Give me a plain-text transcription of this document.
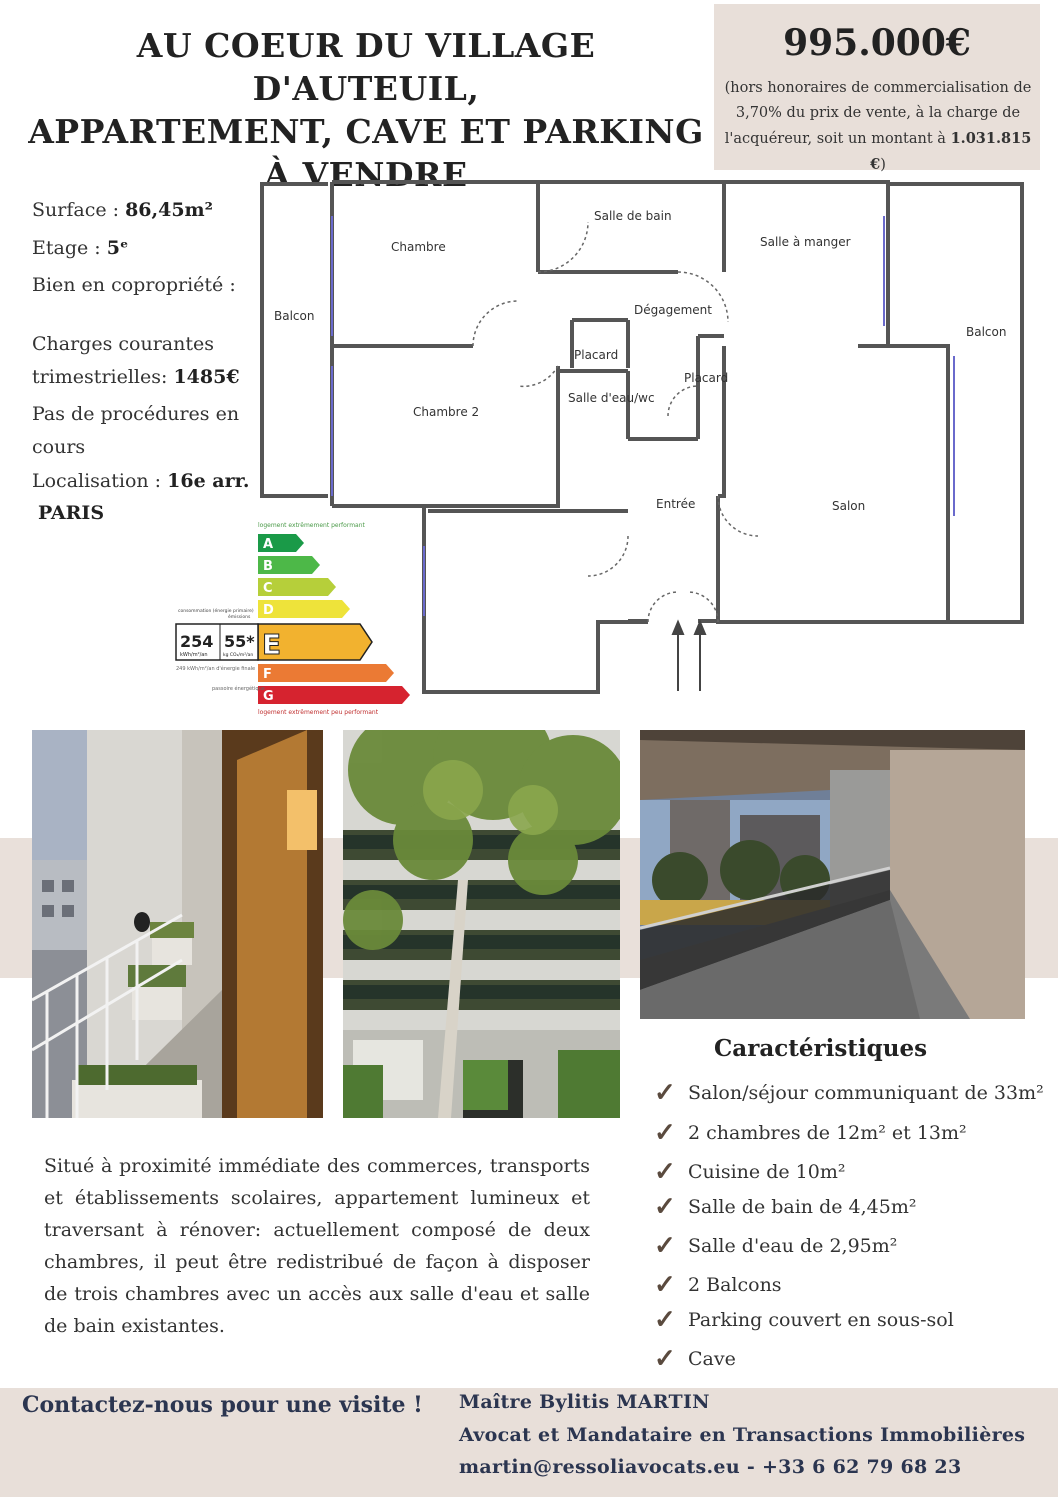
AU COEUR DU VILLAGE D'AUTEUIL,
APPARTEMENT, CAVE ET PARKING
À VENDRE
995.000€
(hors honoraires de commercialisation de 3,70% du prix de vente, à la charge de l'acquéreur, soit un montant à 1.031.815 €)
Surface : 86,45m²
Etage : 5ᵉ
Bien en copropriété :
Charges courantes
trimestrielles: 1485€
Pas de procédures en
cours
Localisation : 16e arr.
PARIS
Chambre
Salle de bain
Salle à manger
Balcon
Balcon
Dégagement
Placard
Placard
Chambre 2
Salle d'eau/wc
Entrée	Salon
logement extrêmement performant
A
B
C
D
E
F
G
logement extrêmement peu performant
consommation (énergie primaire)
émissions
254
kWh/m²/an
55*
kg CO₂/m²/an
249 kWh/m²/an d'énergie finale
passoire énergétique
Situé à proximité immédiate des commerces, transports et établissements scolaires, appartement lumineux et traversant à rénover: actuellement composé de deux chambres, il peut être redistribué de façon à disposer de trois chambres avec un accès aux salle d'eau et salle de bain existantes.
Caractéristiques
✓ Salon/séjour communiquant de 33m²
✓ 2 chambres de 12m² et 13m²
✓ Cuisine de 10m²
✓ Salle de bain de 4,45m²
✓ Salle d'eau de 2,95m²
✓ 2 Balcons
✓ Parking couvert en sous-sol
✓ Cave
Contactez-nous pour une visite ! Maître Bylitis MARTIN
Avocat et Mandataire en Transactions Immobilières
martin@ressoliavocats.eu - +33 6 62 79 68 23
